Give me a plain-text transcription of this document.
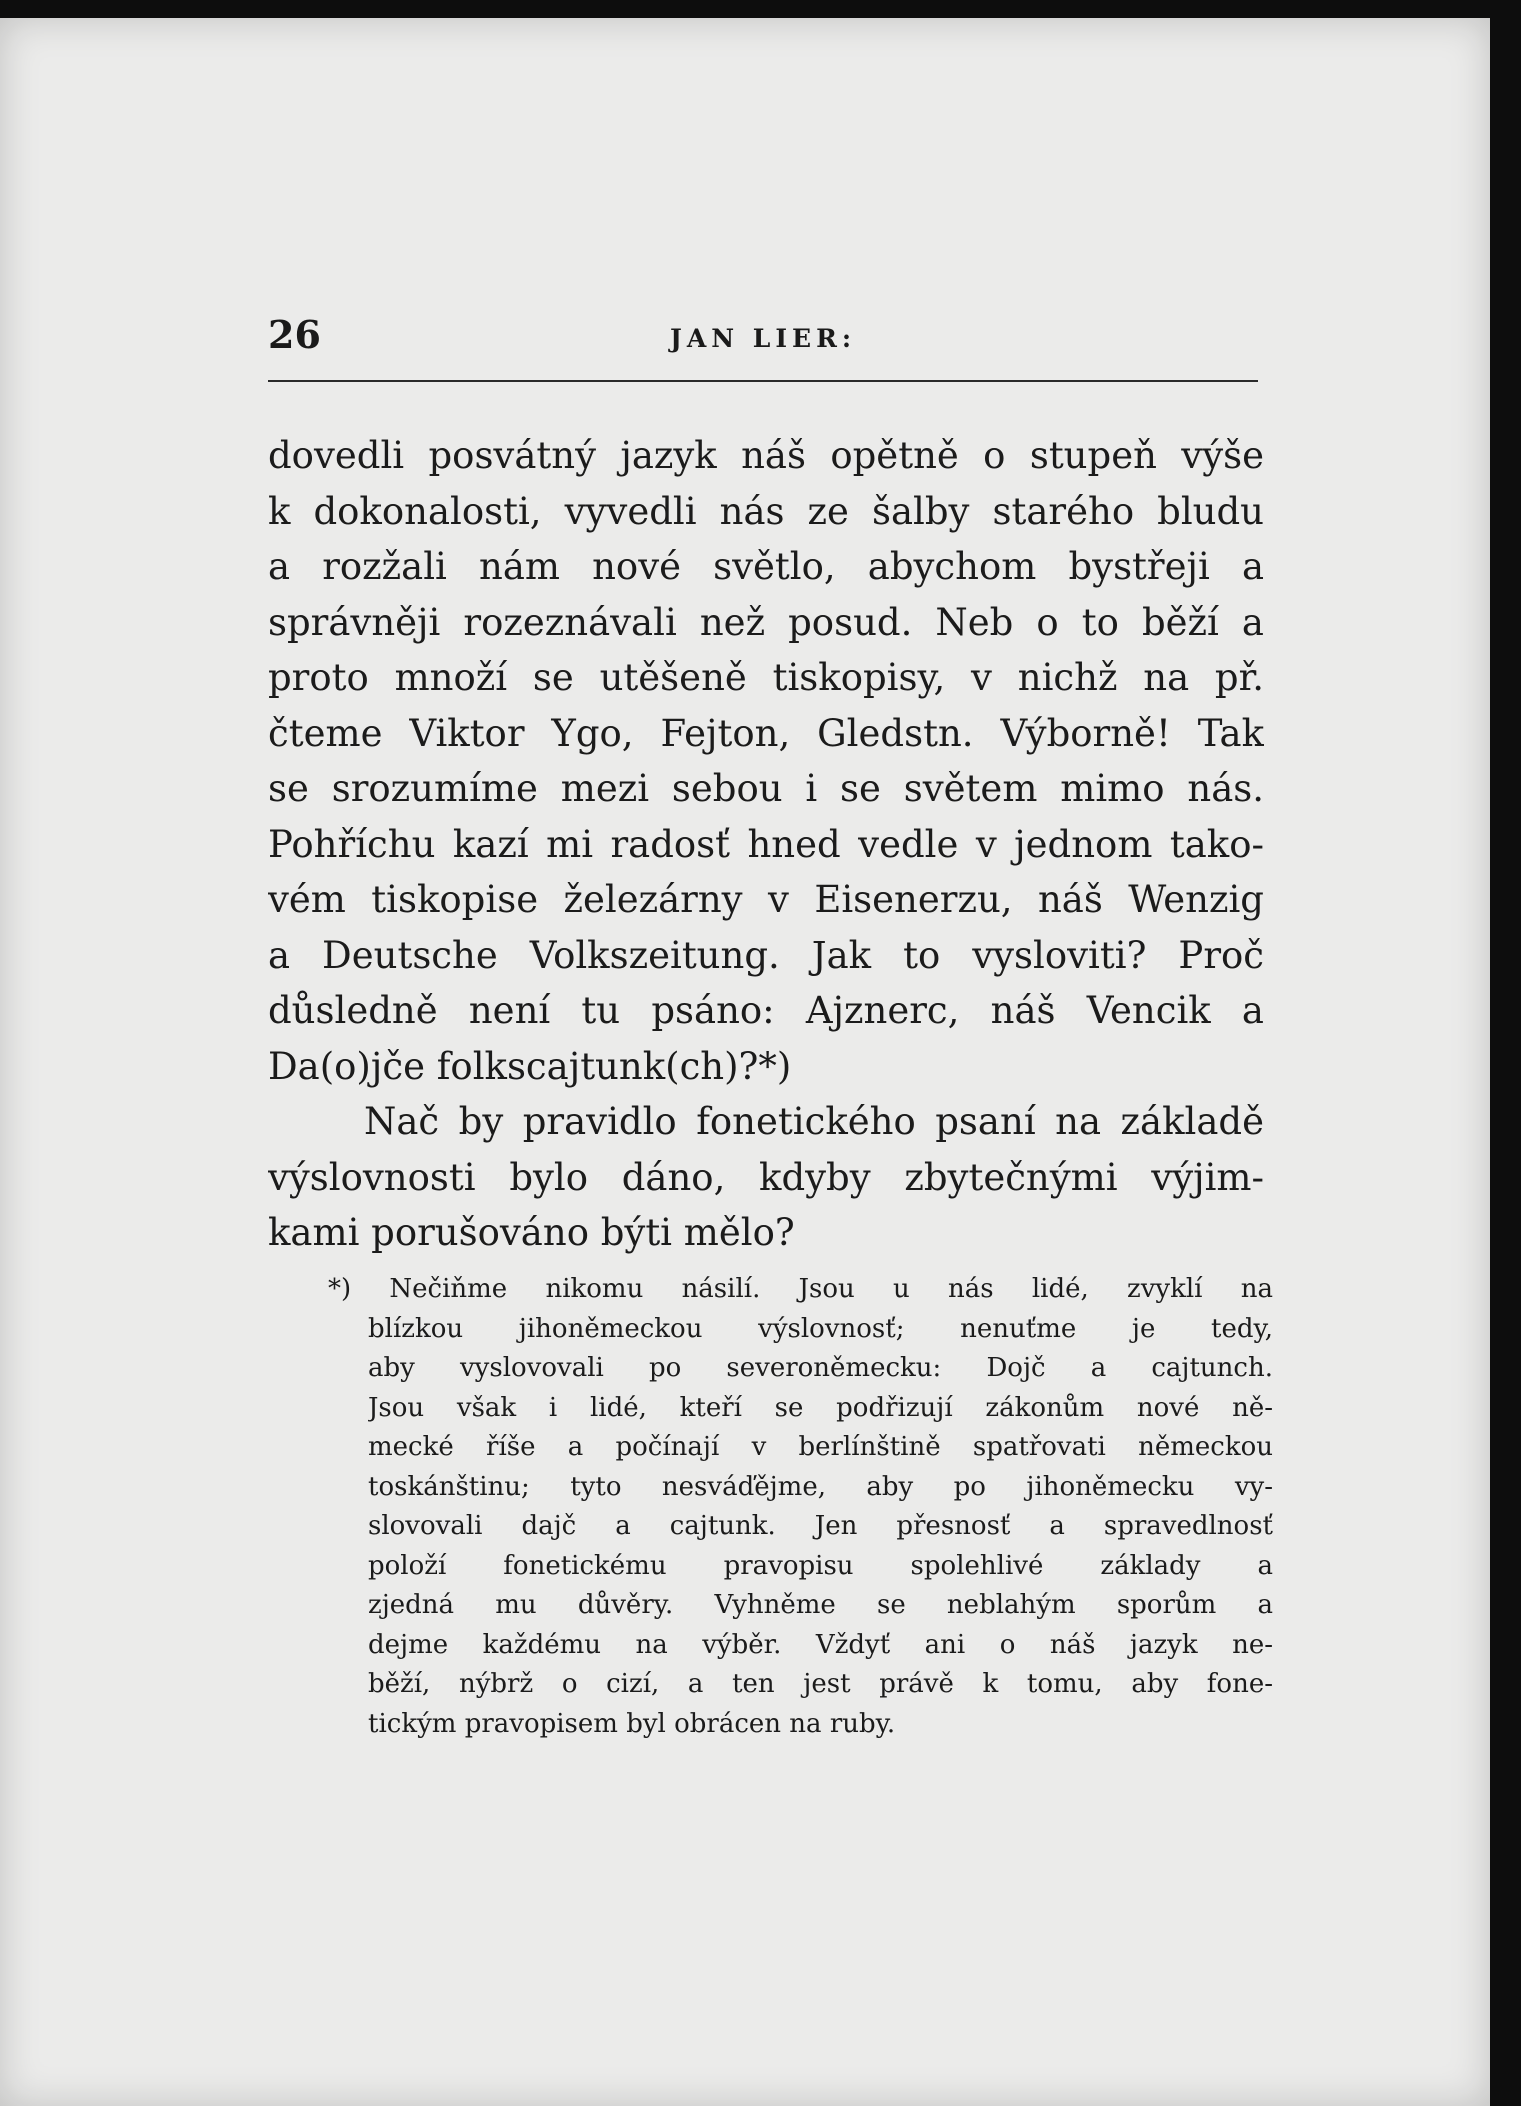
26	JAN LIER:
dovedli posvátný jazyk náš opětně o stupeň výše
k dokonalosti, vyvedli nás ze šalby starého bludu
a rozžali nám nové světlo, abychom bystřeji a
správněji rozeznávali než posud. Neb o to běží a
proto množí se utěšeně tiskopisy, v nichž na př.
čteme Viktor Ygo, Fejton, Gledstn. Výborně! Tak
se srozumíme mezi sebou i se světem mimo nás.
Pohříchu kazí mi radosť hned vedle v jednom tako-
vém tiskopise železárny v Eisenerzu, náš Wenzig
a Deutsche Volkszeitung. Jak to vysloviti? Proč
důsledně není tu psáno: Ajznerc, náš Vencik a
Da(o)jče folkscajtunk(ch)?*)
Nač by pravidlo fonetického psaní na základě
výslovnosti bylo dáno, kdyby zbytečnými výjim-
kami porušováno býti mělo?
*) Nečiňme nikomu násilí. Jsou u nás lidé, zvyklí na
blízkou jihoněmeckou výslovnosť; nenuťme je tedy,
aby vyslovovali po severoněmecku: Dojč a cajtunch.
Jsou však i lidé, kteří se podřizují zákonům nové ně-
mecké říše a počínají v berlínštině spatřovati německou
toskánštinu; tyto nesváďějme, aby po jihoněmecku vy-
slovovali dajč a cajtunk. Jen přesnosť a spravedlnosť
položí fonetickému pravopisu spolehlivé základy a
zjedná mu důvěry. Vyhněme se neblahým sporům a
dejme každému na výběr. Vždyť ani o náš jazyk ne-
běží, nýbrž o cizí, a ten jest právě k tomu, aby fone-
tickým pravopisem byl obrácen na ruby.
